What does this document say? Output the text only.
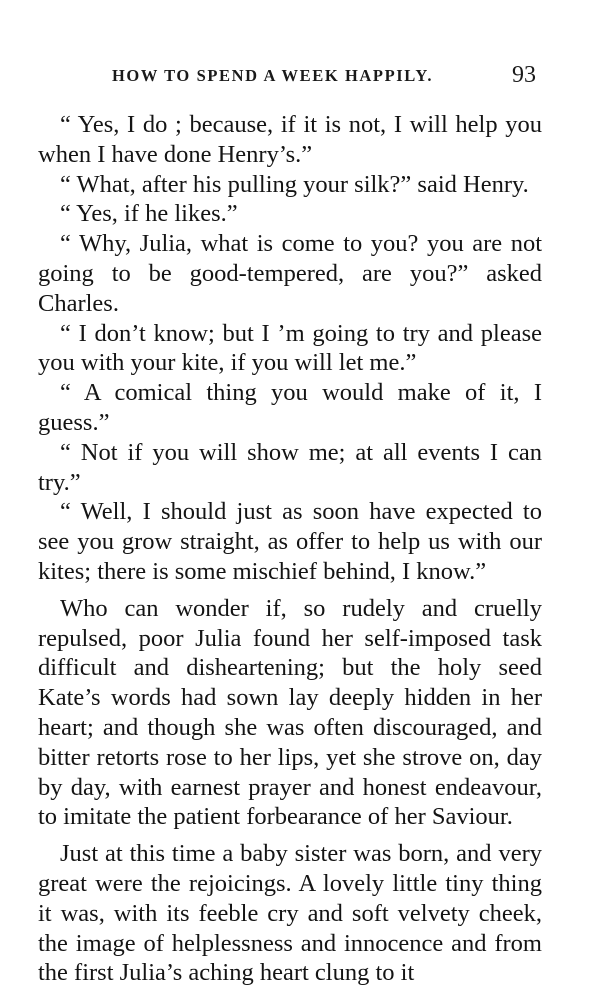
HOW TO SPEND A WEEK HAPPILY.	93

“ Yes, I do ; because, if it is not, I will help you when I have done Henry’s.”

“ What, after his pulling your silk?” said Henry.

“ Yes, if he likes.”

“ Why, Julia, what is come to you? you are not going to be good-tempered, are you?” asked Charles.

“ I don’t know; but I ’m going to try and please you with your kite, if you will let me.”

“ A comical thing you would make of it, I guess.”

“ Not if you will show me; at all events I can try.”

“ Well, I should just as soon have expected to see you grow straight, as offer to help us with our kites; there is some mischief behind, I know.”

Who can wonder if, so rudely and cruelly repulsed, poor Julia found her self-imposed task difficult and disheartening; but the holy seed Kate’s words had sown lay deeply hidden in her heart; and though she was often discouraged, and bitter retorts rose to her lips, yet she strove on, day by day, with earnest prayer and honest endeavour, to imitate the patient forbearance of her Saviour.

Just at this time a baby sister was born, and very great were the rejoicings. A lovely little tiny thing it was, with its feeble cry and soft velvety cheek, the image of helplessness and innocence and from the first Julia’s aching heart clung to it
